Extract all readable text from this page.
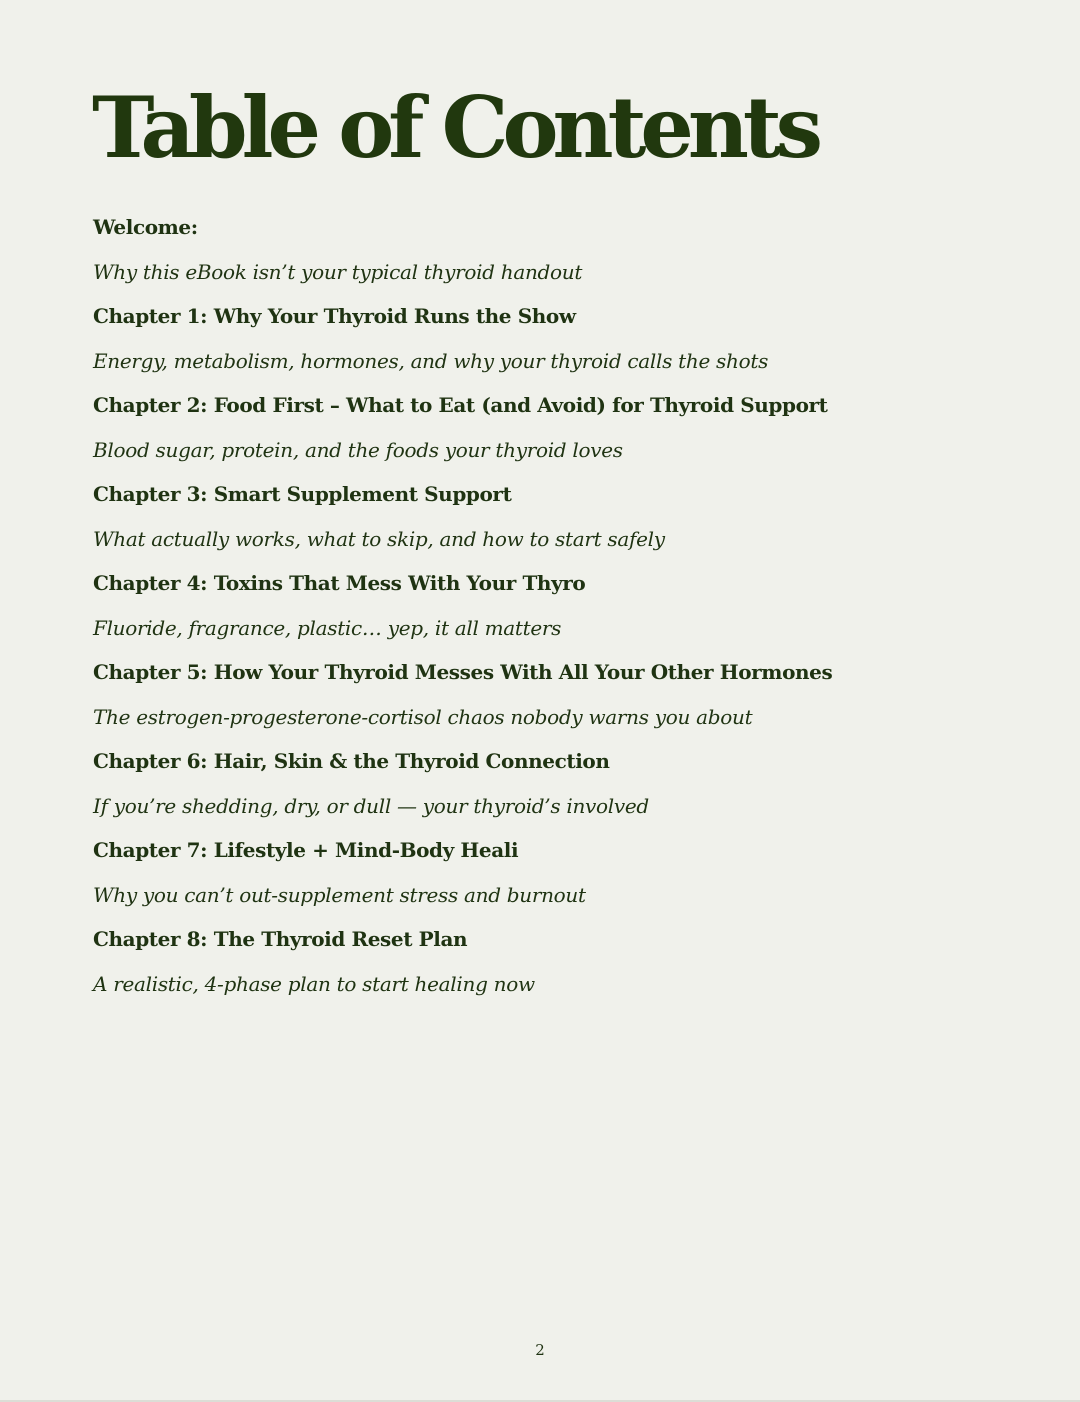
Table of Contents
Welcome:
Why this eBook isn’t your typical thyroid handout
Chapter 1: Why Your Thyroid Runs the Show
Energy, metabolism, hormones, and why your thyroid calls the shots
Chapter 2: Food First – What to Eat (and Avoid) for Thyroid Support
Blood sugar, protein, and the foods your thyroid loves
Chapter 3: Smart Supplement Support
What actually works, what to skip, and how to start safely
Chapter 4: Toxins That Mess With Your Thyro
Fluoride, fragrance, plastic… yep, it all matters
Chapter 5: How Your Thyroid Messes With All Your Other Hormones
The estrogen-progesterone-cortisol chaos nobody warns you about
Chapter 6: Hair, Skin & the Thyroid Connection
If you’re shedding, dry, or dull — your thyroid’s involved
Chapter 7: Lifestyle + Mind-Body Heali
Why you can’t out-supplement stress and burnout
Chapter 8: The Thyroid Reset Plan
A realistic, 4-phase plan to start healing now
2
